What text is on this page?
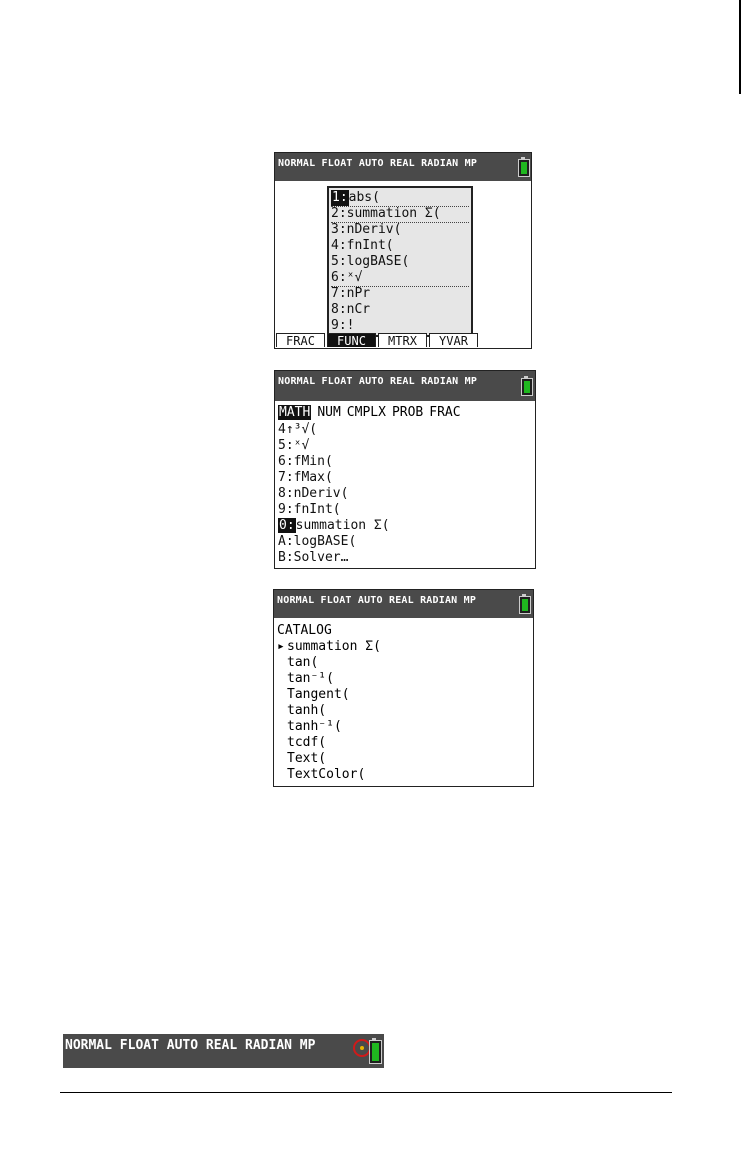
NORMAL FLOAT AUTO REAL RADIAN MP
1:abs(
2:summation Σ(
3:nDeriv(
4:fnInt(
5:logBASE(
6:ˣ√
7:nPr
8:nCr
9:!
FRAC	FUNC	MTRX	YVAR
NORMAL FLOAT AUTO REAL RADIAN MP
MATH NUM CMPLX PROB FRAC
4↑³√(
5:ˣ√
6:fMin(
7:fMax(
8:nDeriv(
9:fnInt(
0:summation Σ(
A:logBASE(
B:Solver…
NORMAL FLOAT AUTO REAL RADIAN MP
CATALOG
▸ summation Σ(
tan(
tan⁻¹(
Tangent(
tanh(
tanh⁻¹(
tcdf(
Text(
TextColor(
NORMAL FLOAT AUTO REAL RADIAN MP
